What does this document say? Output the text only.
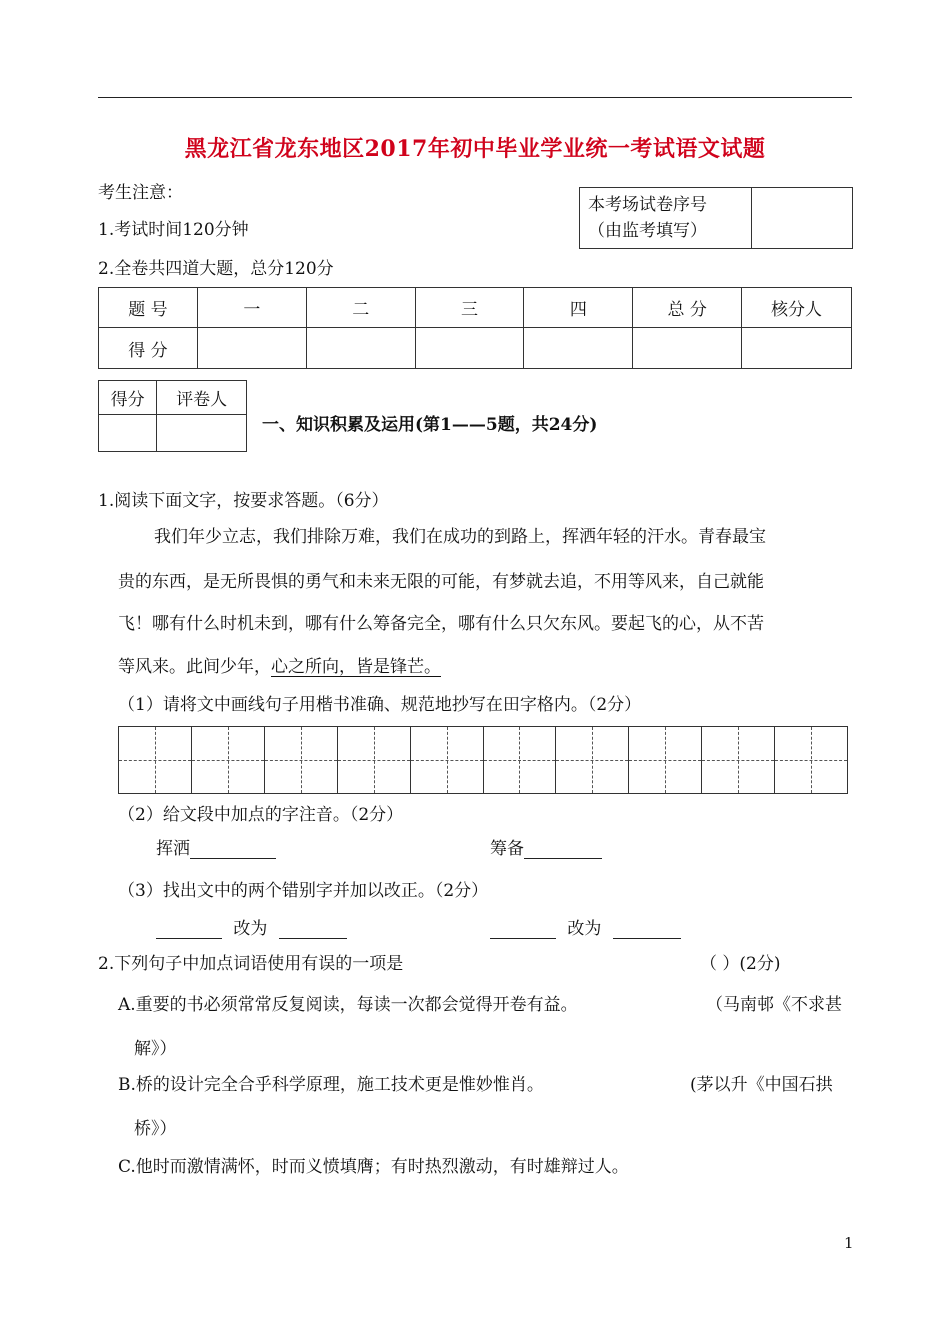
黑龙江省龙东地区2017年初中毕业学业统一考试语文试题
考生注意：
1.考试时间120分钟
2.全卷共四道大题，总分120分
本考场试卷序号
（由监考填写）

题 号	一	二	三	四	总 分	核分人
得 分						
得分	评卷人

一、知识积累及运用(第1——5题，共24分)
1.阅读下面文字，按要求答题。（6分）
我们年少立志，我们排除万难，我们在成功的到路上，挥洒年轻的汗水。青春最宝
贵的东西，是无所畏惧的勇气和未来无限的可能，有梦就去追，不用等风来，自己就能
飞！哪有什么时机未到，哪有什么筹备完全，哪有什么只欠东风。要起飞的心，从不苦
等风来。此间少年，心之所向，皆是锋芒。
（1）请将文中画线句子用楷书准确、规范地抄写在田字格内。（2分）
（2）给文段中加点的字注音。（2分）
挥洒	筹备
（3）找出文中的两个错别字并加以改正。（2分）
改为	改为
2.下列句子中加点词语使用有误的一项是	（ ）(2分)
A.重要的书必须常常反复阅读，每读一次都会觉得开卷有益。	（马南邨《不求甚
解》）
B.桥的设计完全合乎科学原理，施工技术更是惟妙惟肖。	(茅以升《中国石拱
桥》）
C.他时而激情满怀，时而义愤填膺；有时热烈激动，有时雄辩过人。
1
